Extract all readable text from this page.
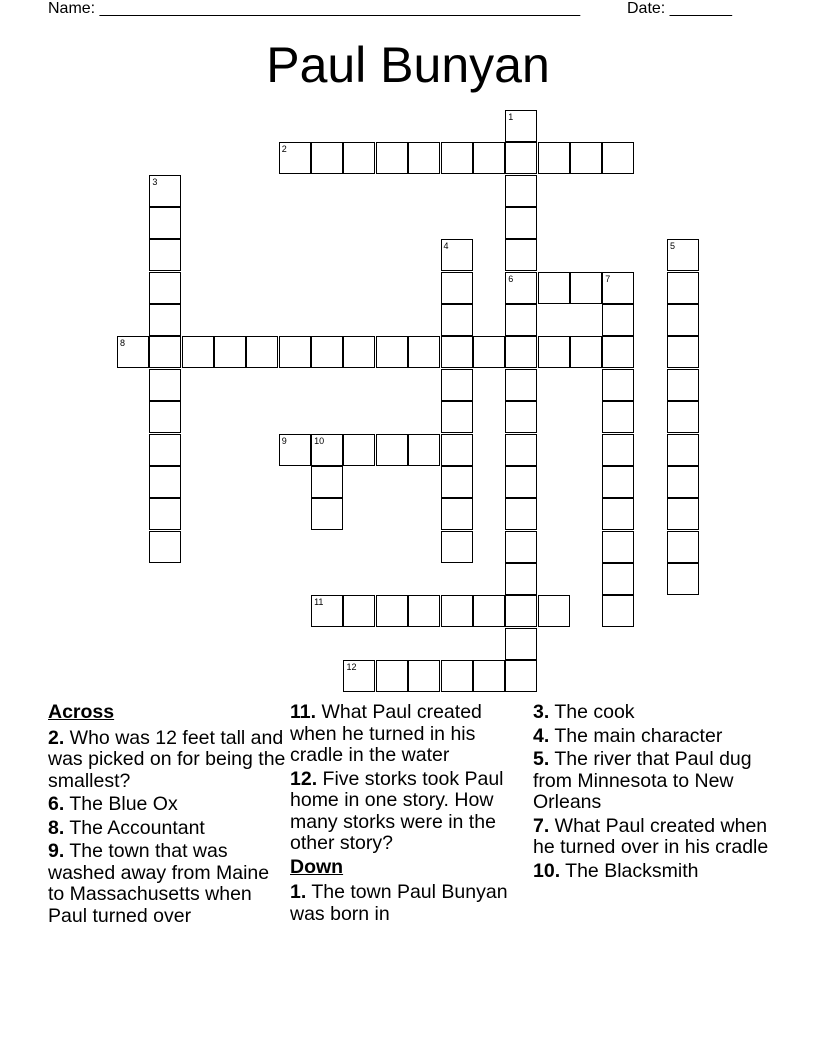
Name: ______________________________________________________	Date: _______
Paul Bunyan
2
6	7
8
9	10
11
12
1
3
4	5
Across
2. Who was 12 feet tall and was picked on for being the smallest?
6. The Blue Ox
8. The Accountant
9. The town that was washed away from Maine to Massachusetts when Paul turned over
11. What Paul created when he turned in his cradle in the water
12. Five storks took Paul home in one story. How many storks were in the other story?
Down
1. The town Paul Bunyan was born in
3. The cook
4. The main character
5. The river that Paul dug from Minnesota to New Orleans
7. What Paul created when he turned over in his cradle
10. The Blacksmith
